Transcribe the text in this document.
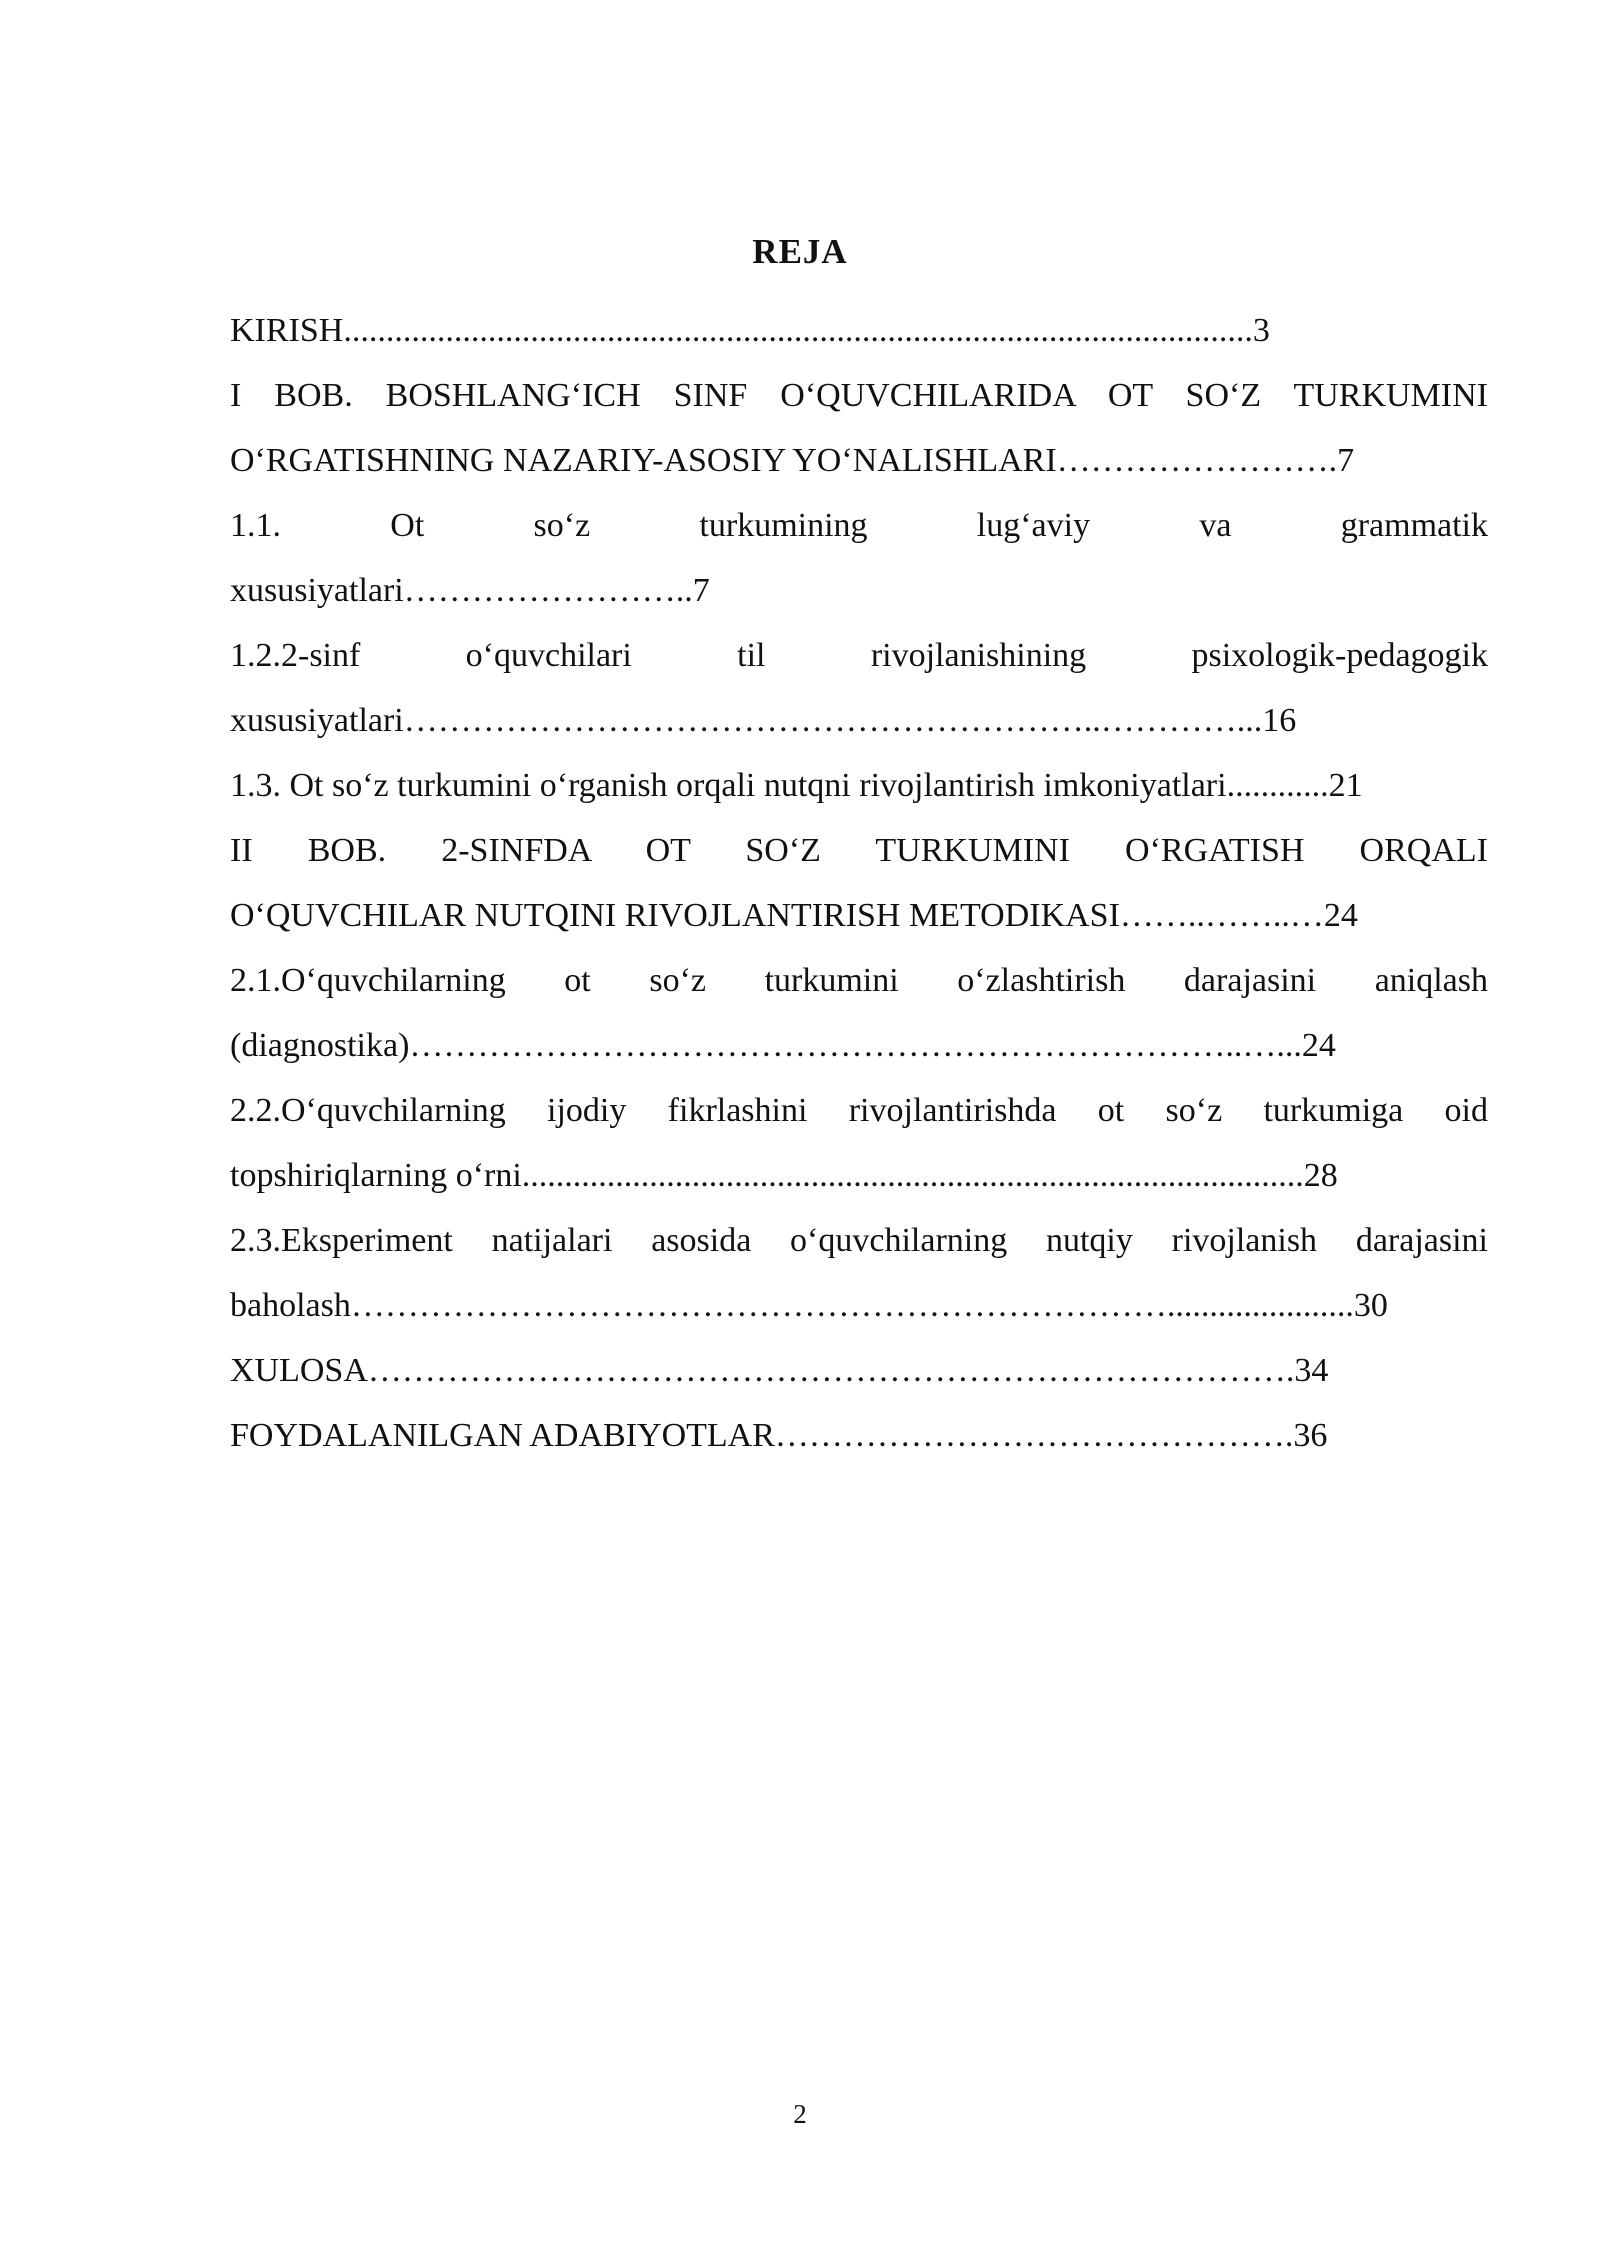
REJA
KIRISH...........................................................................................................3
I BOB. BOSHLANG‘ICH SINF O‘QUVCHILARIDA OT SO‘Z TURKUMINI
O‘RGATISHNING NAZARIY-ASOSIY YO‘NALISHLARI…………………….7
1.1. Ot so‘z turkumining lug‘aviy va grammatik
xususiyatlari……………………..7
1.2.2-sinf o‘quvchilari til rivojlanishining psixologik-pedagogik
xususiyatlari……………………………………………………..…………...16
1.3. Ot so‘z turkumini o‘rganish orqali nutqni rivojlantirish imkoniyatlari............21
II BOB. 2-SINFDA OT SO‘Z TURKUMINI O‘RGATISH ORQALI
O‘QUVCHILAR NUTQINI RIVOJLANTIRISH METODIKASI……..……..…24
2.1.O‘quvchilarning ot so‘z turkumini o‘zlashtirish darajasini aniqlash
(diagnostika)………………………………………………………………..…...24
2.2.O‘quvchilarning ijodiy fikrlashini rivojlantirishda ot so‘z turkumiga oid
topshiriqlarning o‘rni............................................................................................28
2.3.Eksperiment natijalari asosida o‘quvchilarning nutqiy rivojlanish darajasini
baholash………………………………………………………………......................30
XULOSA……………………………………………………………………….34
FOYDALANILGAN ADABIYOTLAR……………………………………….36
2
